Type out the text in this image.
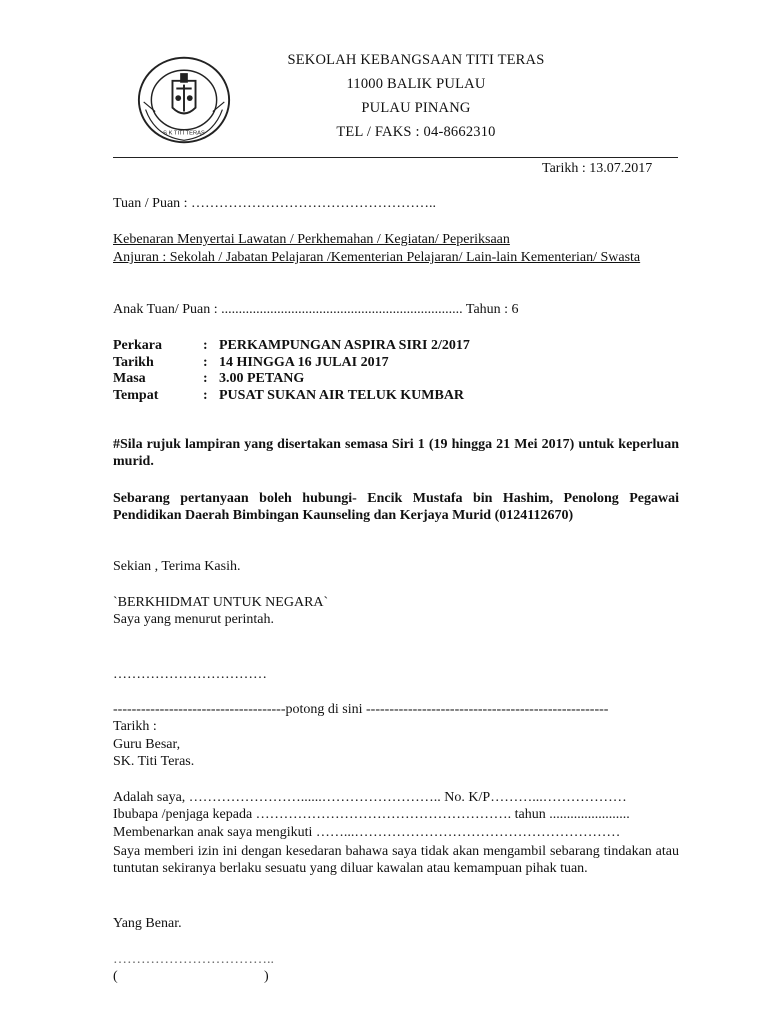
S K TITI TERAS
SEKOLAH KEBANGSAAN TITI TERAS
11000 BALIK PULAU
PULAU PINANG
TEL / FAKS : 04-8662310
Tarikh : 13.07.2017
Tuan / Puan : ……………………………………………..
Kebenaran Menyertai Lawatan / Perkhemahan / Kegiatan/ Peperiksaan
Anjuran : Sekolah / Jabatan Pelajaran /Kementerian Pelajaran/ Lain-lain Kementerian/ Swasta
Anak Tuan/ Puan : ..................................................................... Tahun : 6
Perkara	: PERKAMPUNGAN ASPIRA SIRI 2/2017
Tarikh	: 14 HINGGA 16 JULAI 2017
Masa	: 3.00 PETANG
Tempat	: PUSAT SUKAN AIR TELUK KUMBAR
#Sila rujuk lampiran yang disertakan semasa Siri 1 (19 hingga 21 Mei 2017) untuk keperluan murid.
Sebarang pertanyaan boleh hubungi- Encik Mustafa bin Hashim, Penolong Pegawai Pendidikan Daerah Bimbingan Kaunseling dan Kerjaya Murid (0124112670)
Sekian , Terima Kasih.
`BERKHIDMAT UNTUK NEGARA`
Saya yang menurut perintah.
……………………………
-------------------------------------potong di sini ----------------------------------------------------
Tarikh :
Guru Besar,
SK. Titi Teras.
Adalah saya, ……………………......…………………….. No. K/P………...………………
Ibubapa /penjaga kepada ………………………………………………. tahun .......................
Membenarkan anak saya mengikuti ……...…………………………………………………
Saya memberi izin ini dengan kesedaran bahawa saya tidak akan mengambil sebarang tindakan atau tuntutan sekiranya berlaku sesuatu yang diluar kawalan atau kemampuan pihak tuan.
Yang Benar.
……………………………..
(	)
